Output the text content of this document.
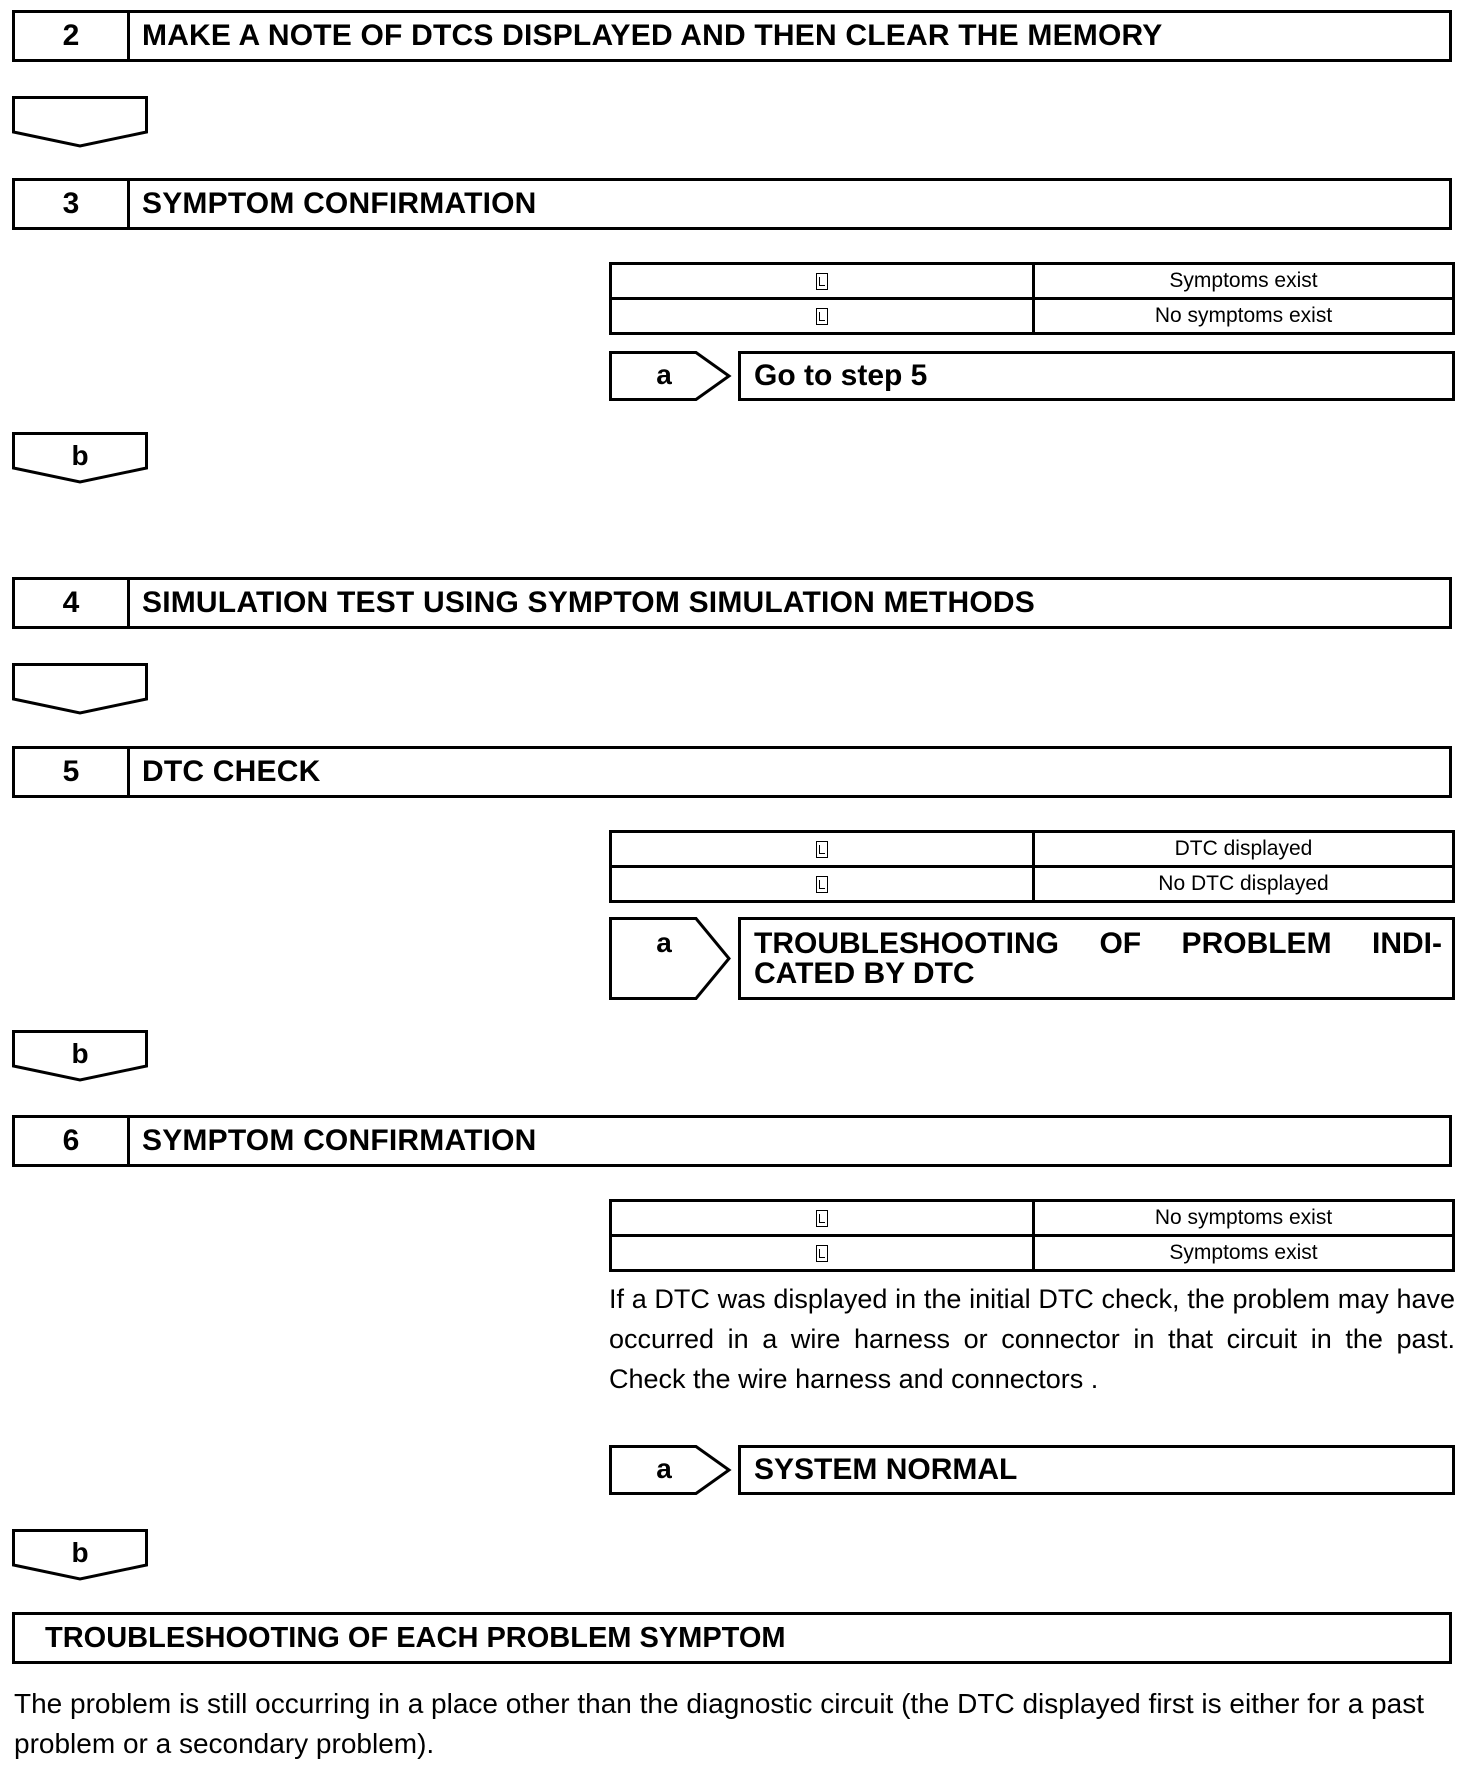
2	MAKE A NOTE OF DTCS DISPLAYED AND THEN CLEAR THE MEMORY
3	SYMPTOM CONFIRMATION
	Symptoms exist
	No symptoms exist
a	Go to step 5
b
4	SIMULATION TEST USING SYMPTOM SIMULATION METHODS
5	DTC CHECK
	DTC displayed
	No DTC displayed
a	TROUBLESHOOTING OF PROBLEM INDI-
CATED BY DTC
b
6	SYMPTOM CONFIRMATION
	No symptoms exist
	Symptoms exist
If a DTC was displayed in the initial DTC check, the problem may have occurred in a wire harness or connector in that circuit in the past. Check the wire harness and connectors .
a	SYSTEM NORMAL
b
TROUBLESHOOTING OF EACH PROBLEM SYMPTOM
The problem is still occurring in a place other than the diagnostic circuit (the DTC displayed first is either for a past problem or a secondary problem).
